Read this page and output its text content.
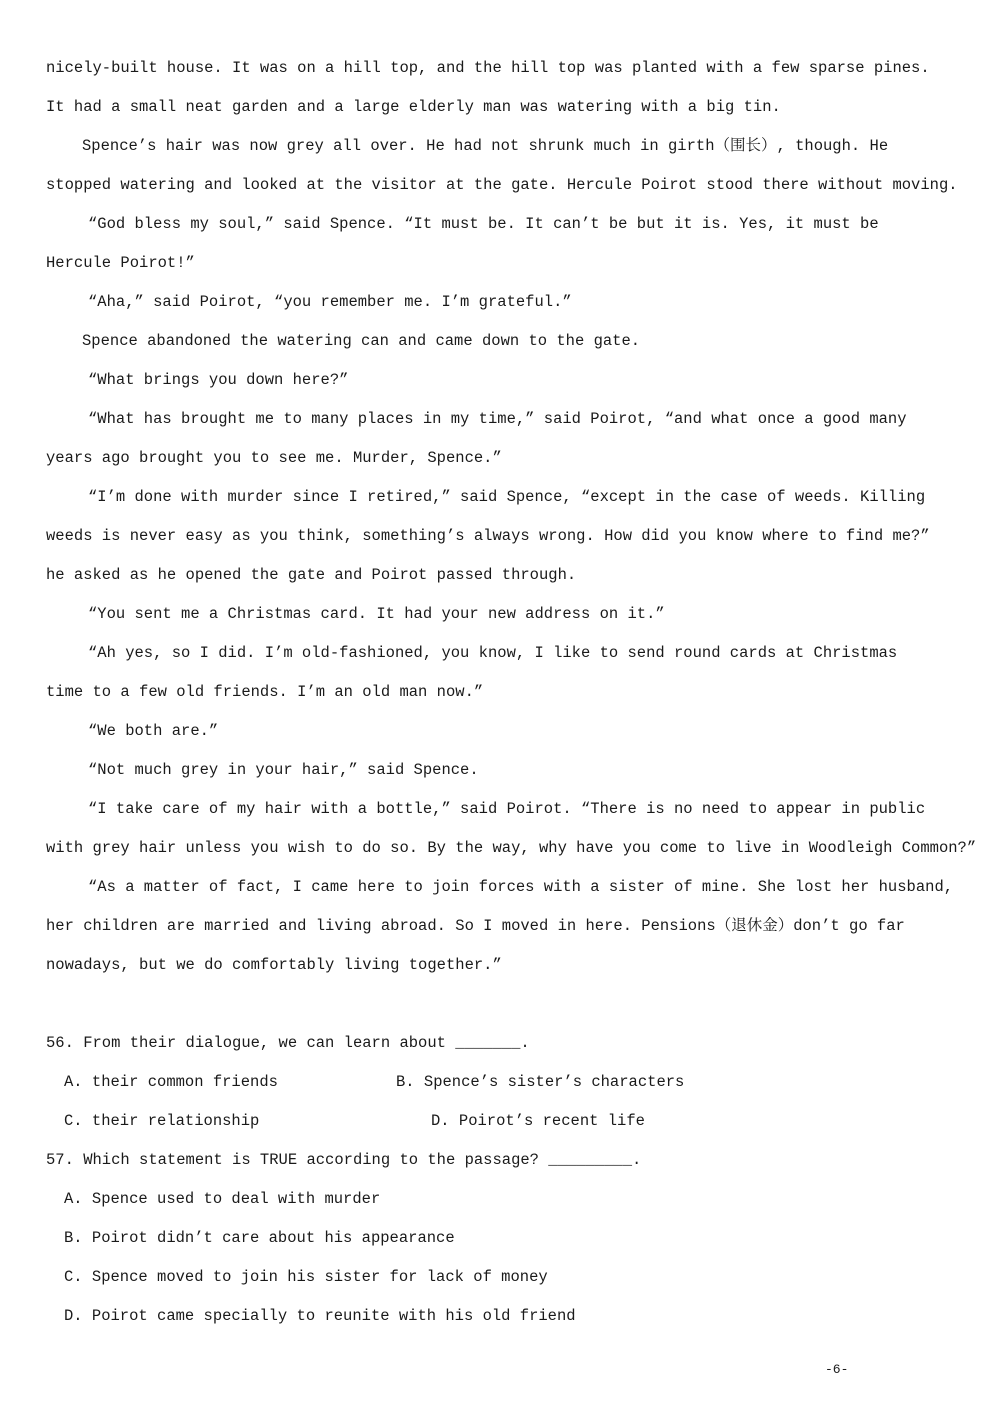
nicely-built house. It was on a hill top, and the hill top was planted with a few sparse pines.
It had a small neat garden and a large elderly man was watering with a big tin.
Spence’s hair was now grey all over. He had not shrunk much in girth（围长）, though. He
stopped watering and looked at the visitor at the gate. Hercule Poirot stood there without moving.
“God bless my soul,” said Spence. “It must be. It can’t be but it is. Yes, it must be
Hercule Poirot!”
“Aha,” said Poirot, “you remember me. I’m grateful.”
Spence abandoned the watering can and came down to the gate.
“What brings you down here?”
“What has brought me to many places in my time,” said Poirot, “and what once a good many
years ago brought you to see me. Murder, Spence.”
“I’m done with murder since I retired,” said Spence, “except in the case of weeds. Killing
weeds is never easy as you think, something’s always wrong. How did you know where to find me?”
he asked as he opened the gate and Poirot passed through.
“You sent me a Christmas card. It had your new address on it.”
“Ah yes, so I did. I’m old-fashioned, you know, I like to send round cards at Christmas
time to a few old friends. I’m an old man now.”
“We both are.”
“Not much grey in your hair,” said Spence.
“I take care of my hair with a bottle,” said Poirot. “There is no need to appear in public
with grey hair unless you wish to do so. By the way, why have you come to live in Woodleigh Common?”
“As a matter of fact, I came here to join forces with a sister of mine. She lost her husband,
her children are married and living abroad. So I moved in here. Pensions（退休金）don’t go far
nowadays, but we do comfortably living together.”
56. From their dialogue, we can learn about _______.
A. their common friends	B. Spence’s sister’s characters
C. their relationship	D. Poirot’s recent life
57. Which statement is TRUE according to the passage? _________.
A. Spence used to deal with murder
B. Poirot didn’t care about his appearance
C. Spence moved to join his sister for lack of money
D. Poirot came specially to reunite with his old friend
-6-
